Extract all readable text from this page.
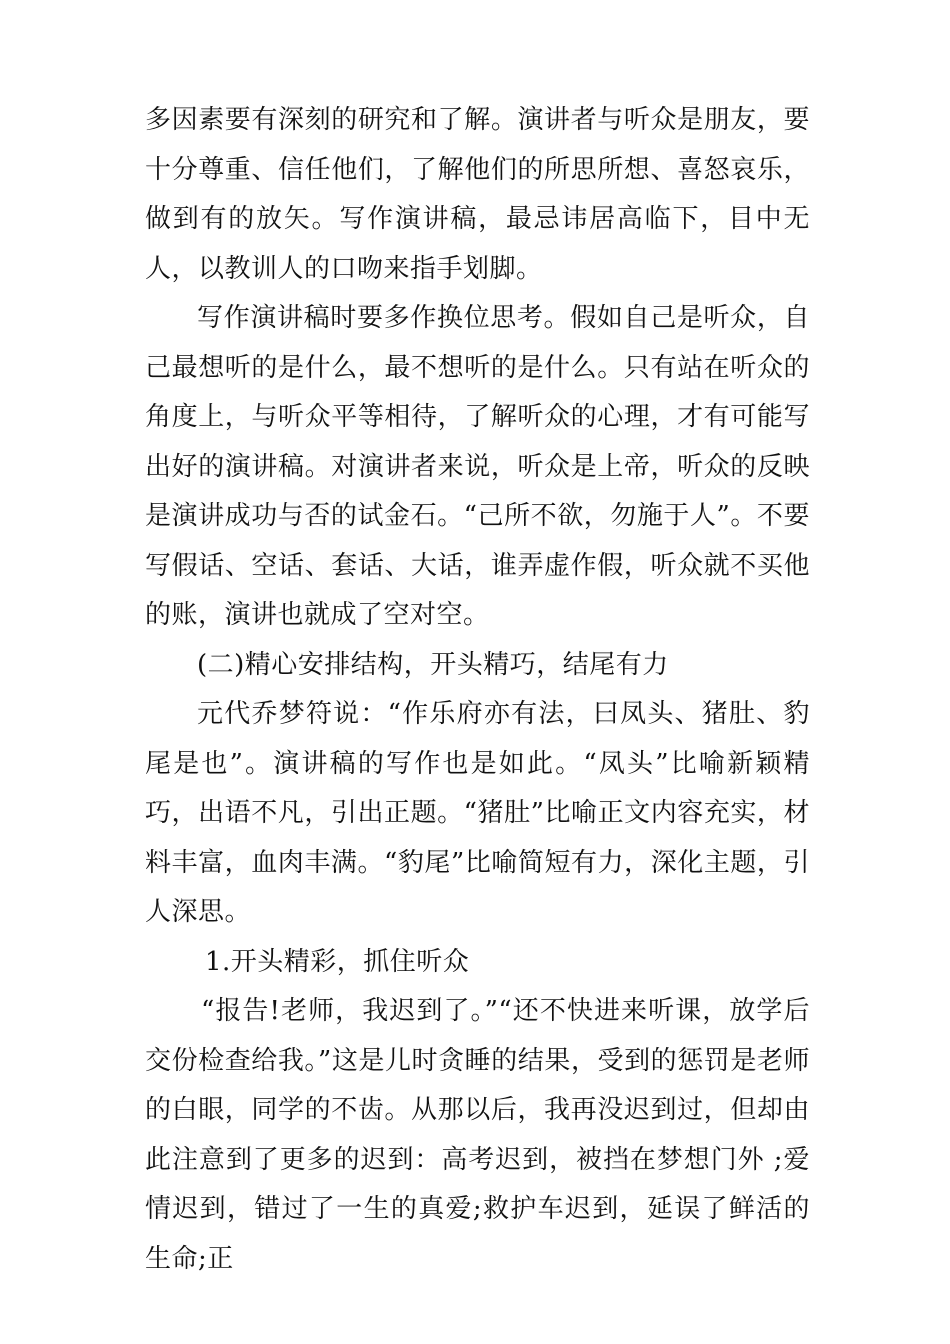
多因素要有深刻的研究和了解。演讲者与听众是朋友，要十分尊重、信任他们，了解他们的所思所想、喜怒哀乐，做到有的放矢。写作演讲稿，最忌讳居高临下，目中无人，以教训人的口吻来指手划脚。

写作演讲稿时要多作换位思考。假如自己是听众，自己最想听的是什么，最不想听的是什么。只有站在听众的角度上，与听众平等相待，了解听众的心理，才有可能写出好的演讲稿。对演讲者来说，听众是上帝，听众的反映是演讲成功与否的试金石。“己所不欲，勿施于人”。不要写假话、空话、套话、大话，谁弄虚作假，听众就不买他的账，演讲也就成了空对空。

(二)精心安排结构，开头精巧，结尾有力

元代乔梦符说：“作乐府亦有法，曰凤头、猪肚、豹尾是也”。演讲稿的写作也是如此。“凤头”比喻新颖精巧，出语不凡，引出正题。“猪肚”比喻正文内容充实，材料丰富，血肉丰满。“豹尾”比喻简短有力，深化主题，引人深思。

1.开头精彩，抓住听众

“报告!老师，我迟到了。”“还不快进来听课，放学后交份检查给我。”这是儿时贪睡的结果，受到的惩罚是老师的白眼，同学的不齿。从那以后，我再没迟到过，但却由此注意到了更多的迟到：高考迟到，被挡在梦想门外 ;爱情迟到，错过了一生的真爱;救护车迟到，延误了鲜活的生命;正
